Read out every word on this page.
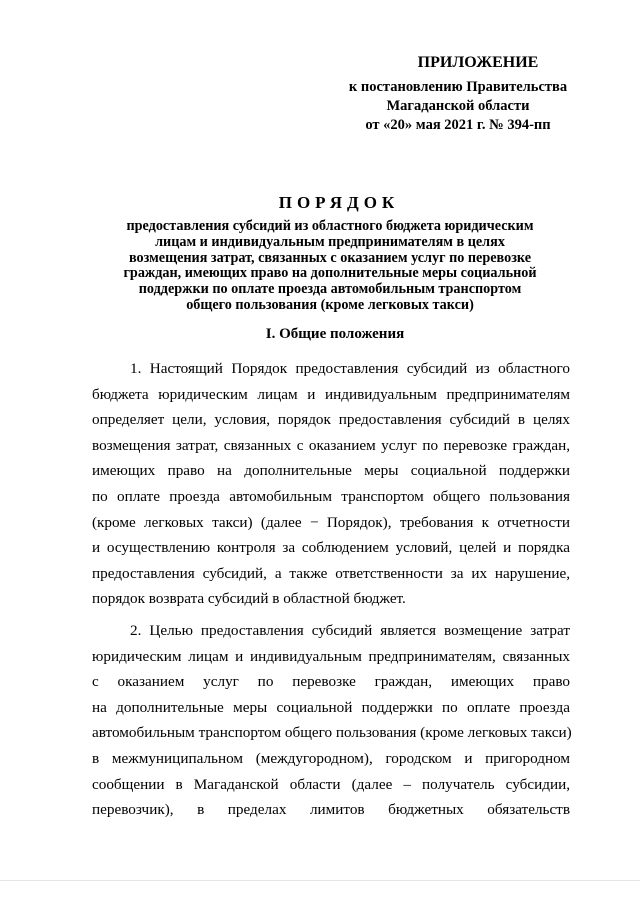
ПРИЛОЖЕНИЕ
к постановлению Правительства
Магаданской области
от «20» мая 2021 г. № 394-пп
ПОРЯДОК
предоставления субсидий из областного бюджета юридическим
лицам и индивидуальным предпринимателям в целях
возмещения затрат, связанных с оказанием услуг по перевозке
граждан, имеющих право на дополнительные меры социальной
поддержки по оплате проезда автомобильным транспортом
общего пользования (кроме легковых такси)
I. Общие положения
1. Настоящий Порядок предоставления субсидий из областного
бюджета юридическим лицам и индивидуальным предпринимателям
определяет цели, условия, порядок предоставления субсидий в целях
возмещения затрат, связанных с оказанием услуг по перевозке граждан,
имеющих право на дополнительные меры социальной поддержки
по оплате проезда автомобильным транспортом общего пользования
(кроме легковых такси) (далее − Порядок), требования к отчетности
и осуществлению контроля за соблюдением условий, целей и порядка
предоставления субсидий, а также ответственности за их нарушение,
порядок возврата субсидий в областной бюджет.
2. Целью предоставления субсидий является возмещение затрат
юридическим лицам и индивидуальным предпринимателям, связанных
с оказанием услуг по перевозке граждан, имеющих право
на дополнительные меры социальной поддержки по оплате проезда
автомобильным транспортом общего пользования (кроме легковых такси)
в межмуниципальном (междугородном), городском и пригородном
сообщении в Магаданской области (далее – получатель субсидии,
перевозчик), в пределах лимитов бюджетных обязательств
